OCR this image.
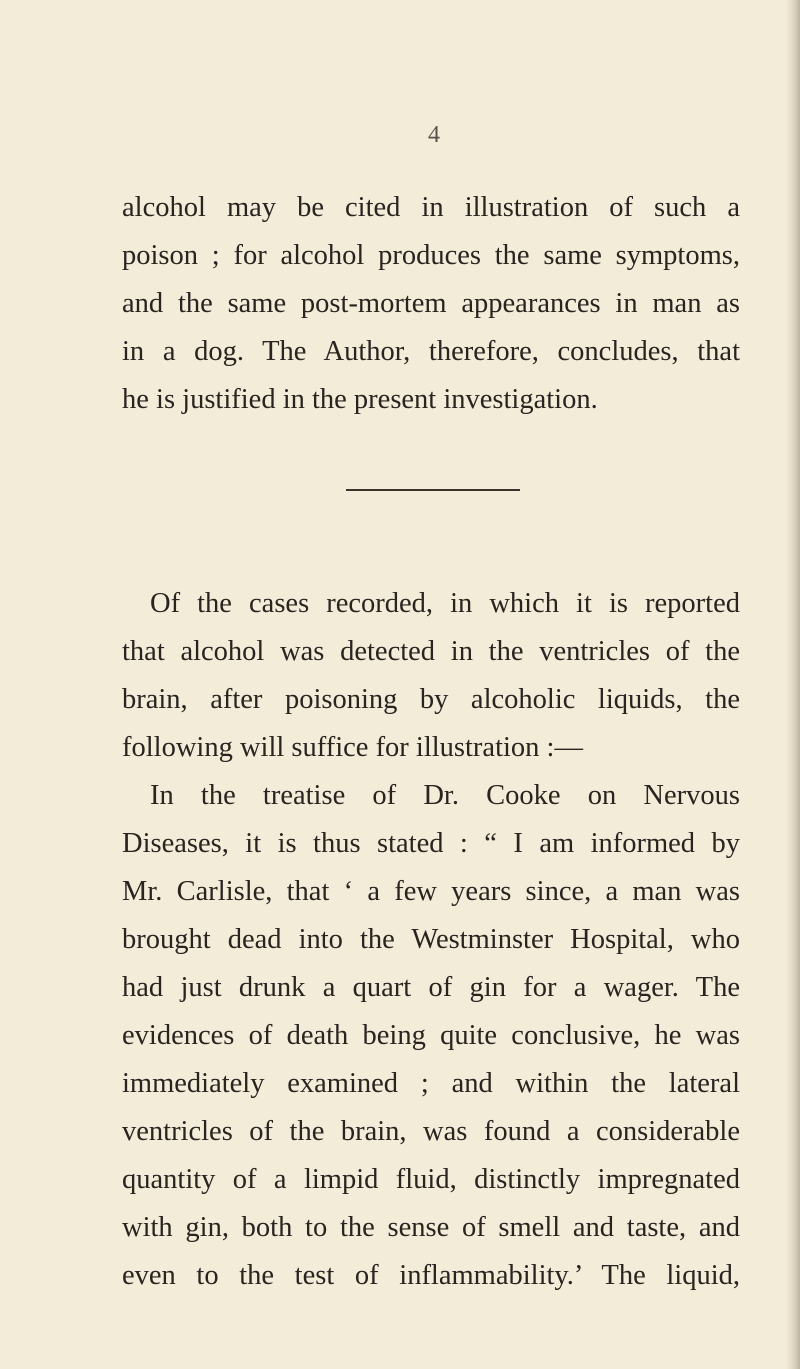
4
alcohol may be cited in illustration of such a
poison ; for alcohol produces the same symptoms,
and the same post-mortem appearances in man as
in a dog. The Author, therefore, concludes, that
he is justified in the present investigation.
Of the cases recorded, in which it is reported
that alcohol was detected in the ventricles of the
brain, after poisoning by alcoholic liquids, the
following will suffice for illustration :—
In the treatise of Dr. Cooke on Nervous
Diseases, it is thus stated : “ I am informed by
Mr. Carlisle, that ‘ a few years since, a man was
brought dead into the Westminster Hospital, who
had just drunk a quart of gin for a wager. The
evidences of death being quite conclusive, he was
immediately examined ; and within the lateral
ventricles of the brain, was found a considerable
quantity of a limpid fluid, distinctly impregnated
with gin, both to the sense of smell and taste, and
even to the test of inflammability.’ The liquid,
